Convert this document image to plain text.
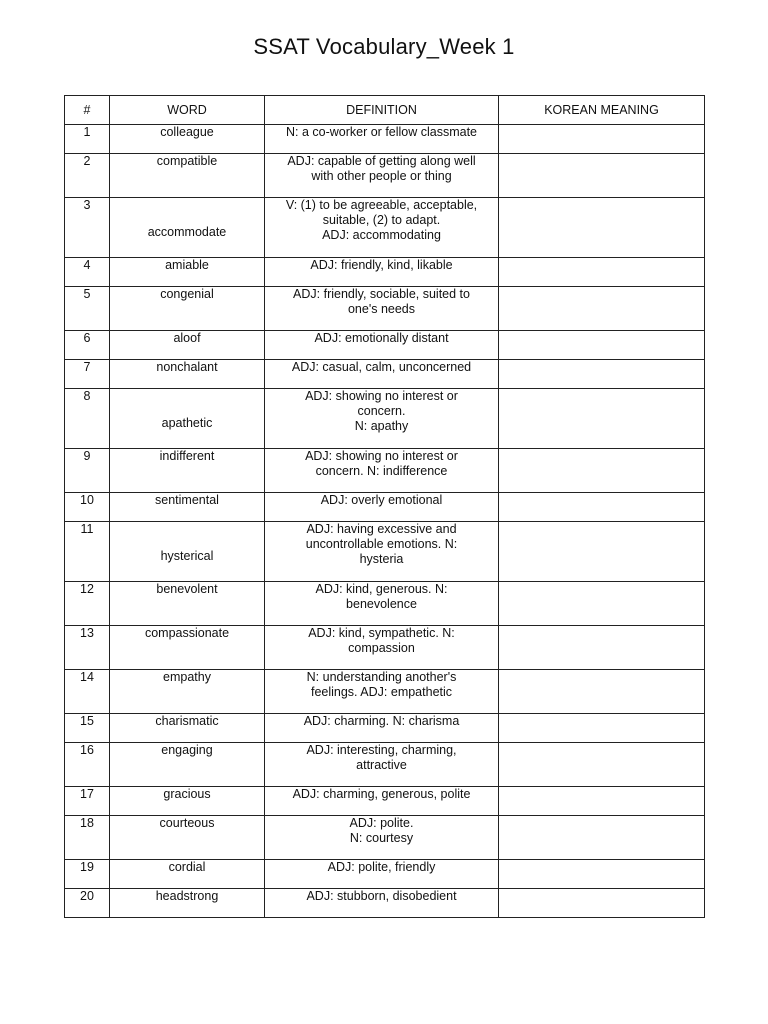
SSAT Vocabulary_Week 1
#	WORD	DEFINITION	KOREAN MEANING
1	colleague	N: a co-worker or fellow classmate	

2	compatible	ADJ: capable of getting along well
with other people or thing	

3	accommodate	V: (1) to be agreeable, acceptable,
suitable, (2) to adapt.
ADJ: accommodating	

4	amiable	ADJ: friendly, kind, likable	

5	congenial	ADJ: friendly, sociable, suited to
one's needs	

6	aloof	ADJ: emotionally distant	

7	nonchalant	ADJ: casual, calm, unconcerned	

8	apathetic	ADJ: showing no interest or
concern.
N: apathy	

9	indifferent	ADJ: showing no interest or
concern. N: indifference	

10	sentimental	ADJ: overly emotional	

11	hysterical	ADJ: having excessive and
uncontrollable emotions. N:
hysteria	

12	benevolent	ADJ: kind, generous. N:
benevolence	

13	compassionate	ADJ: kind, sympathetic. N:
compassion	

14	empathy	N: understanding another's
feelings. ADJ: empathetic	

15	charismatic	ADJ: charming. N: charisma	

16	engaging	ADJ: interesting, charming,
attractive	

17	gracious	ADJ: charming, generous, polite	

18	courteous	ADJ: polite.
N: courtesy	

19	cordial	ADJ: polite, friendly	

20	headstrong	ADJ: stubborn, disobedient	
